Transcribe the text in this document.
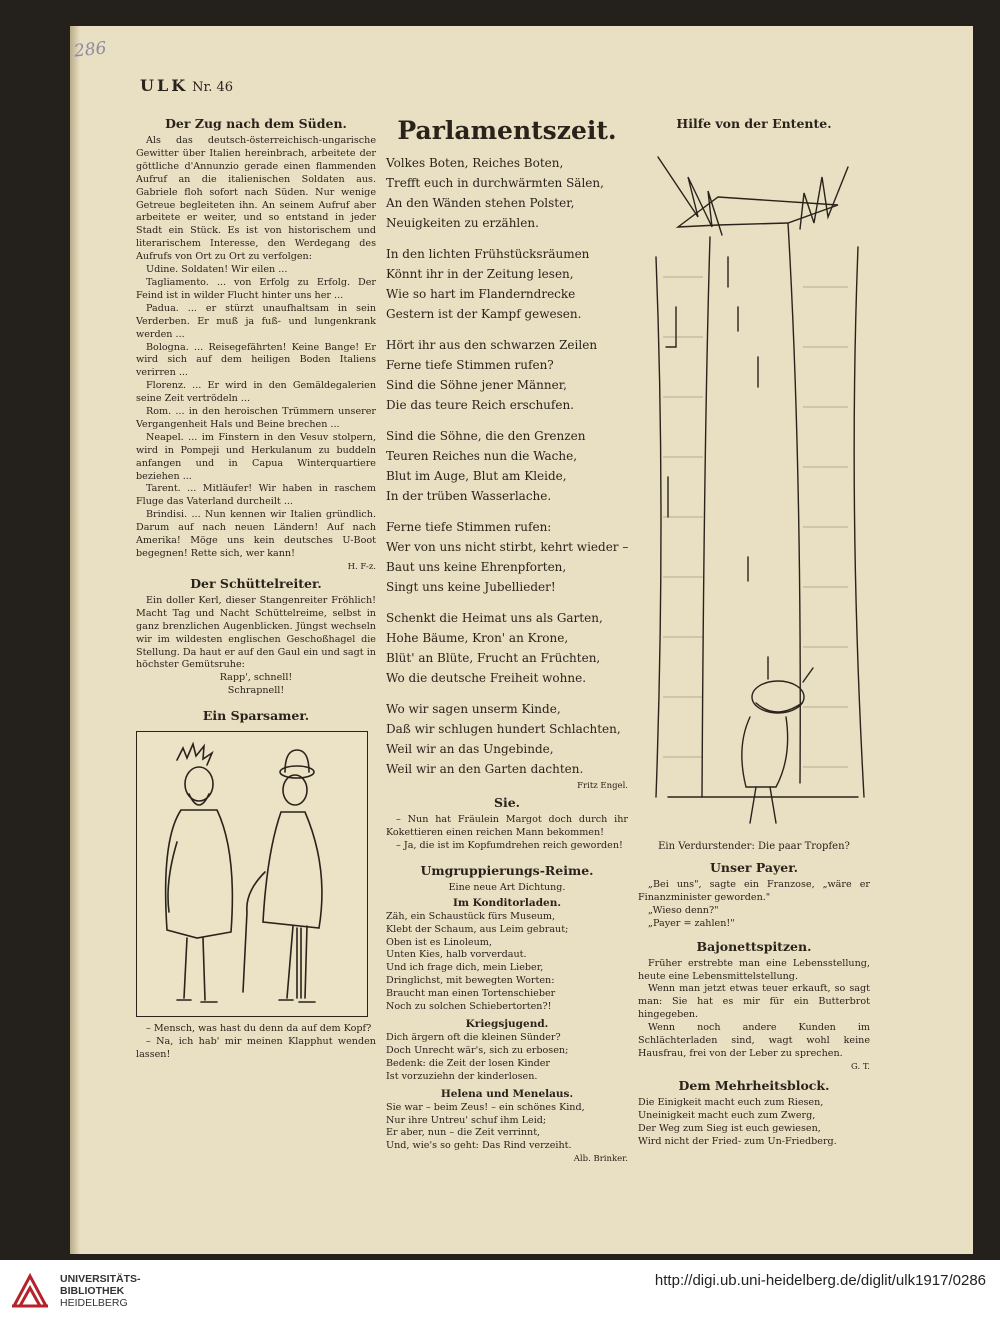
286
ULK Nr. 46
Der Zug nach dem Süden.

Als das deutsch-österreichisch-ungarische Gewitter über Italien hereinbrach, arbeitete der göttliche d'Annunzio gerade einen flammenden Aufruf an die italienischen Soldaten aus. Gabriele floh sofort nach Süden. Nur wenige Getreue begleiteten ihn. An seinem Aufruf aber arbeitete er weiter, und so entstand in jeder Stadt ein Stück. Es ist von historischem und literarischem Interesse, den Werdegang des Aufrufs von Ort zu Ort zu verfolgen:

Udine. Soldaten! Wir eilen ...

Tagliamento. ... von Erfolg zu Erfolg. Der Feind ist in wilder Flucht hinter uns her ...

Padua. ... er stürzt unaufhaltsam in sein Verderben. Er muß ja fuß- und lungenkrank werden ...

Bologna. ... Reisegefährten! Keine Bange! Er wird sich auf dem heiligen Boden Italiens verirren ...

Florenz. ... Er wird in den Gemäldegalerien seine Zeit vertrödeln ...

Rom. ... in den heroischen Trümmern unserer Vergangenheit Hals und Beine brechen ...

Neapel. ... im Finstern in den Vesuv stolpern, wird in Pompeji und Herkulanum zu buddeln anfangen und in Capua Winterquartiere beziehen ...

Tarent. ... Mitläufer! Wir haben in raschem Fluge das Vaterland durcheilt ...

Brindisi. ... Nun kennen wir Italien gründlich. Darum auf nach neuen Ländern! Auf nach Amerika! Möge uns kein deutsches U-Boot begegnen! Rette sich, wer kann!

H. F-z.
Der Schüttelreiter.

Ein doller Kerl, dieser Stangenreiter Fröhlich! Macht Tag und Nacht Schüttelreime, selbst in ganz brenzlichen Augenblicken. Jüngst wechseln wir im wildesten englischen Geschoßhagel die Stellung. Da haut er auf den Gaul ein und sagt in höchster Gemütsruhe:

Rapp', schnell!

Schrapnell!

Ein Sparsamer.

– Mensch, was hast du denn da auf dem Kopf?

– Na, ich hab' mir meinen Klapphut wenden lassen!

Parlamentszeit.
Volkes Boten, Reiches Boten,
Trefft euch in durchwärmten Sälen,
An den Wänden stehen Polster,
Neuigkeiten zu erzählen.
In den lichten Frühstücksräumen
Könnt ihr in der Zeitung lesen,
Wie so hart im Flanderndrecke
Gestern ist der Kampf gewesen.
Hört ihr aus den schwarzen Zeilen
Ferne tiefe Stimmen rufen?
Sind die Söhne jener Männer,
Die das teure Reich erschufen.
Sind die Söhne, die den Grenzen
Teuren Reiches nun die Wache,
Blut im Auge, Blut am Kleide,
In der trüben Wasserlache.
Ferne tiefe Stimmen rufen:
Wer von uns nicht stirbt, kehrt wieder –
Baut uns keine Ehrenpforten,
Singt uns keine Jubellieder!
Schenkt die Heimat uns als Garten,
Hohe Bäume, Kron' an Krone,
Blüt' an Blüte, Frucht an Früchten,
Wo die deutsche Freiheit wohne.
Wo wir sagen unserm Kinde,
Daß wir schlugen hundert Schlachten,
Weil wir an das Ungebinde,
Weil wir an den Garten dachten.
Fritz Engel.
Sie.

– Nun hat Fräulein Margot doch durch ihr Kokettieren einen reichen Mann bekommen!

– Ja, die ist im Kopfumdrehen reich geworden!

Umgruppierungs-Reime.
Eine neue Art Dichtung.
Im Konditorladen.
Zäh, ein Schaustück fürs Museum,
Klebt der Schaum, aus Leim gebraut;
Oben ist es Linoleum,
Unten Kies, halb vorverdaut.
Und ich frage dich, mein Lieber,
Dringlichst, mit bewegten Worten:
Braucht man einen Tortenschieber
Noch zu solchen Schiebertorten?!
Kriegsjugend.
Dich ärgern oft die kleinen Sünder?
Doch Unrecht wär's, sich zu erbosen;
Bedenk: die Zeit der losen Kinder
Ist vorzuziehn der kinderlosen.
Helena und Menelaus.
Sie war – beim Zeus! – ein schönes Kind,
Nur ihre Untreu' schuf ihm Leid;
Er aber, nun – die Zeit verrinnt,
Und, wie's so geht: Das Rind verzeiht.
Alb. Brinker.
Hilfe von der Entente.
Ein Verdurstender: Die paar Tropfen?
Unser Payer.

„Bei uns", sagte ein Franzose, „wäre er Finanzminister geworden."

„Wieso denn?"

„Payer = zahlen!"

Bajonettspitzen.

Früher erstrebte man eine Lebensstellung, heute eine Lebensmittelstellung.

Wenn man jetzt etwas teuer erkauft, so sagt man: Sie hat es mir für ein Butterbrot hingegeben.

Wenn noch andere Kunden im Schlächterladen sind, wagt wohl keine Hausfrau, frei von der Leber zu sprechen.

G. T.
Dem Mehrheitsblock.
Die Einigkeit macht euch zum Riesen,
Uneinigkeit macht euch zum Zwerg,
Der Weg zum Sieg ist euch gewiesen,
Wird nicht der Fried- zum Un-Friedberg.
UNIVERSITÄTS-
BIBLIOTHEK
HEIDELBERG
http://digi.ub.uni-heidelberg.de/diglit/ulk1917/0286
